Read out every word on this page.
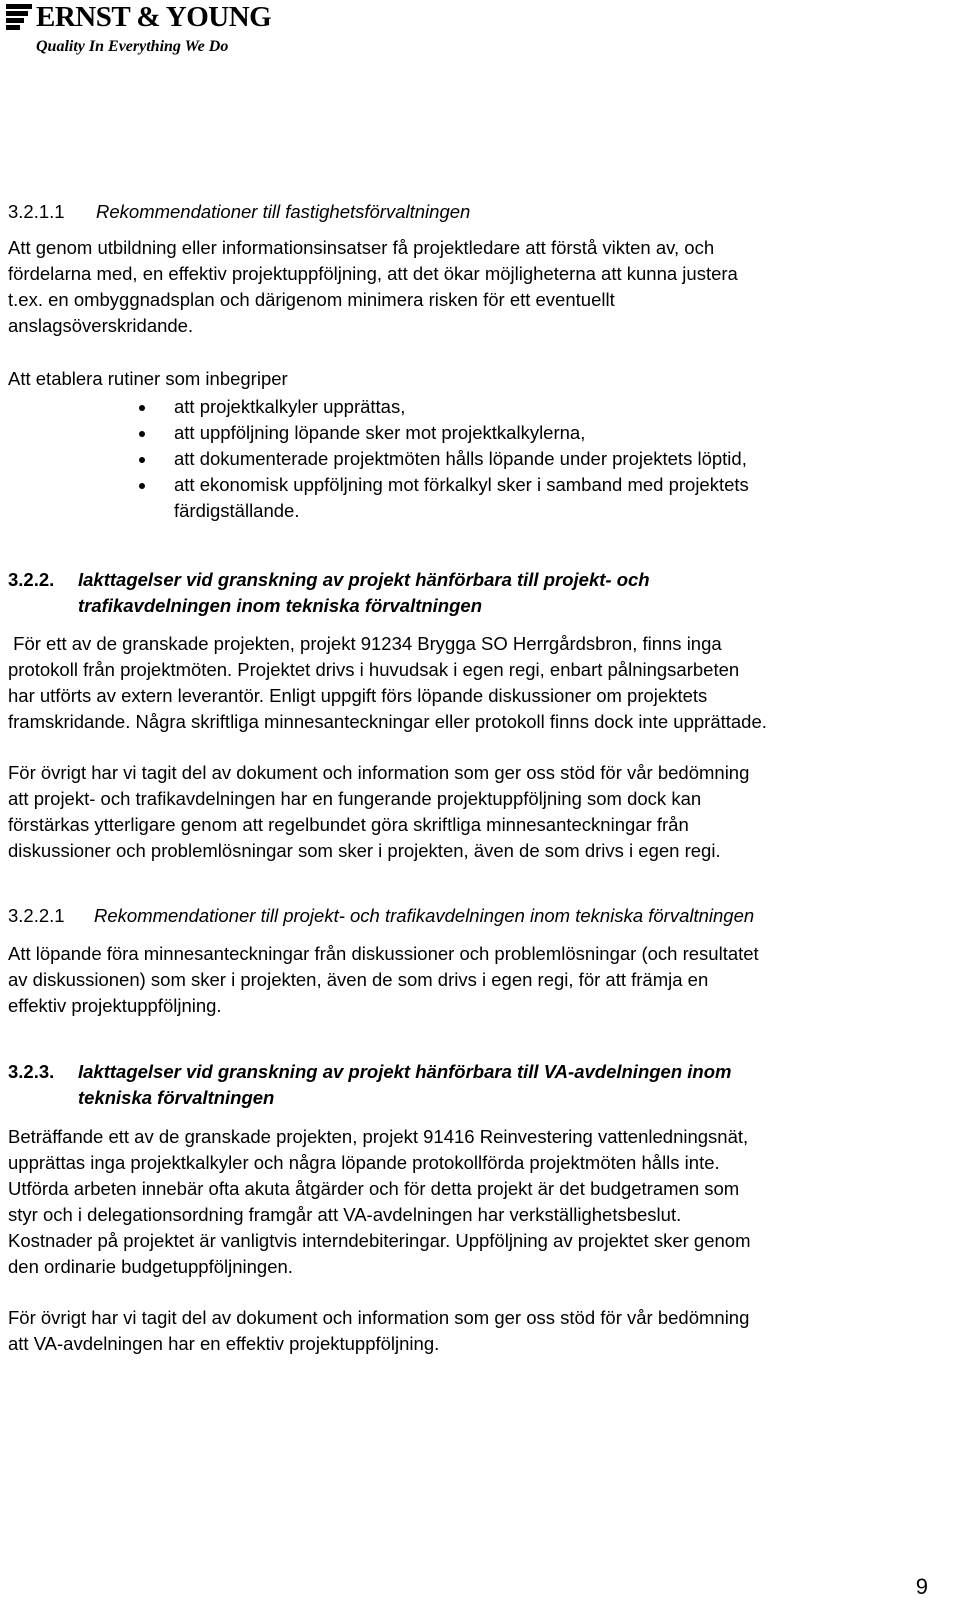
ERNST & YOUNG
Quality In Everything We Do
3.2.1.1 Rekommendationer till fastighetsförvaltningen
Att genom utbildning eller informationsinsatser få projektledare att förstå vikten av, och
fördelarna med, en effektiv projektuppföljning, att det ökar möjligheterna att kunna justera
t.ex. en ombyggnadsplan och därigenom minimera risken för ett eventuellt
anslagsöverskridande.
Att etablera rutiner som inbegriper
att projektkalkyler upprättas,
att uppföljning löpande sker mot projektkalkylerna,
att dokumenterade projektmöten hålls löpande under projektets löptid,
att ekonomisk uppföljning mot förkalkyl sker i samband med projektets
färdigställande.
3.2.2. Iakttagelser vid granskning av projekt hänförbara till projekt- och
trafikavdelningen inom tekniska förvaltningen
För ett av de granskade projekten, projekt 91234 Brygga SO Herrgårdsbron, finns inga
protokoll från projektmöten. Projektet drivs i huvudsak i egen regi, enbart pålningsarbeten
har utförts av extern leverantör. Enligt uppgift förs löpande diskussioner om projektets
framskridande. Några skriftliga minnesanteckningar eller protokoll finns dock inte upprättade.
För övrigt har vi tagit del av dokument och information som ger oss stöd för vår bedömning
att projekt- och trafikavdelningen har en fungerande projektuppföljning som dock kan
förstärkas ytterligare genom att regelbundet göra skriftliga minnesanteckningar från
diskussioner och problemlösningar som sker i projekten, även de som drivs i egen regi.
3.2.2.1 Rekommendationer till projekt- och trafikavdelningen inom tekniska förvaltningen
Att löpande föra minnesanteckningar från diskussioner och problemlösningar (och resultatet
av diskussionen) som sker i projekten, även de som drivs i egen regi, för att främja en
effektiv projektuppföljning.
3.2.3. Iakttagelser vid granskning av projekt hänförbara till VA-avdelningen inom
tekniska förvaltningen
Beträffande ett av de granskade projekten, projekt 91416 Reinvestering vattenledningsnät,
upprättas inga projektkalkyler och några löpande protokollförda projektmöten hålls inte.
Utförda arbeten innebär ofta akuta åtgärder och för detta projekt är det budgetramen som
styr och i delegationsordning framgår att VA-avdelningen har verkställighetsbeslut.
Kostnader på projektet är vanligtvis interndebiteringar. Uppföljning av projektet sker genom
den ordinarie budgetuppföljningen.
För övrigt har vi tagit del av dokument och information som ger oss stöd för vår bedömning
att VA-avdelningen har en effektiv projektuppföljning.
9
